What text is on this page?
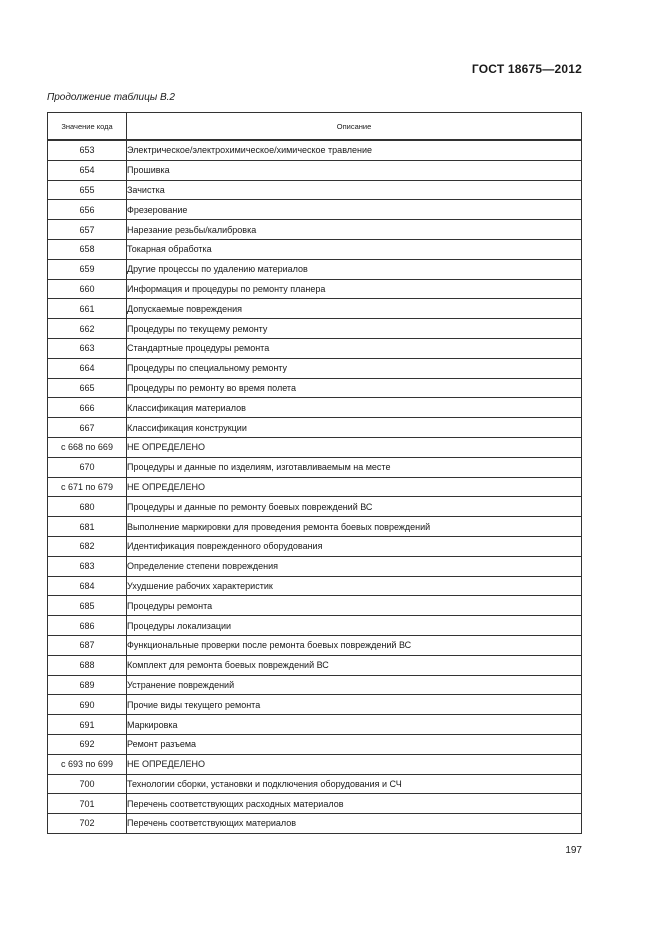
ГОСТ 18675—2012
Продолжение таблицы В.2
Значение кода	Описание
653	Электрическое/электрохимическое/химическое травление
654	Прошивка
655	Зачистка
656	Фрезерование
657	Нарезание резьбы/калибровка
658	Токарная обработка
659	Другие процессы по удалению материалов
660	Информация и процедуры по ремонту планера
661	Допускаемые повреждения
662	Процедуры по текущему ремонту
663	Стандартные процедуры ремонта
664	Процедуры по специальному ремонту
665	Процедуры по ремонту во время полета
666	Классификация материалов
667	Классификация конструкции
с 668 по 669	НЕ ОПРЕДЕЛЕНО
670	Процедуры и данные по изделиям, изготавливаемым на месте
с 671 по 679	НЕ ОПРЕДЕЛЕНО
680	Процедуры и данные по ремонту боевых повреждений ВС
681	Выполнение маркировки для проведения ремонта боевых повреждений
682	Идентификация поврежденного оборудования
683	Определение степени повреждения
684	Ухудшение рабочих характеристик
685	Процедуры ремонта
686	Процедуры локализации
687	Функциональные проверки после ремонта боевых повреждений ВС
688	Комплект для ремонта боевых повреждений ВС
689	Устранение повреждений
690	Прочие виды текущего ремонта
691	Маркировка
692	Ремонт разъема
с 693 по 699	НЕ ОПРЕДЕЛЕНО
700	Технологии сборки, установки и подключения оборудования и СЧ
701	Перечень соответствующих расходных материалов
702	Перечень соответствующих материалов
197
